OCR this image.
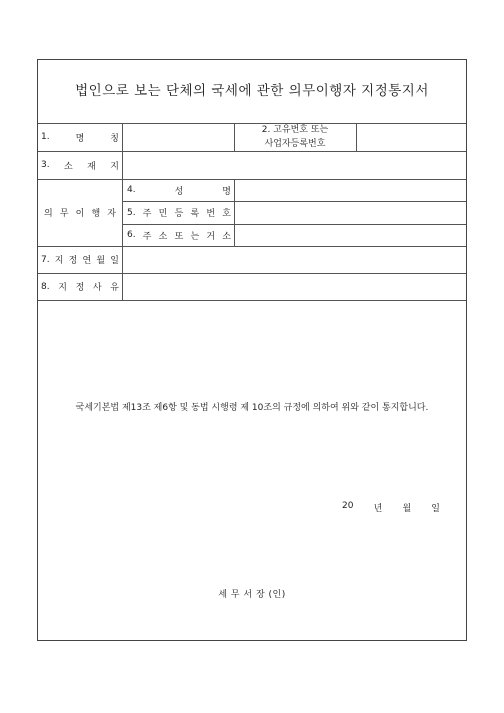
법인으로 보는 단체의 국세에 관한 의무이행자 지정통지서
1.	명	칭
2. 고유번호 또는
사업자등록번호
3. 소 재 지
의 무 이 행 자
4.	성	명
5. 주 민 등 록 번 호
6. 주 소 또 는 거 소
7. 지 정 연 월 일
8. 지 정 사 유
국세기본법 제13조 제6항 및 동법 시행령 제 10조의 규정에 의하여 위와 같이 통지합니다.
20 년 월 일
세 무 서 장 (인)
